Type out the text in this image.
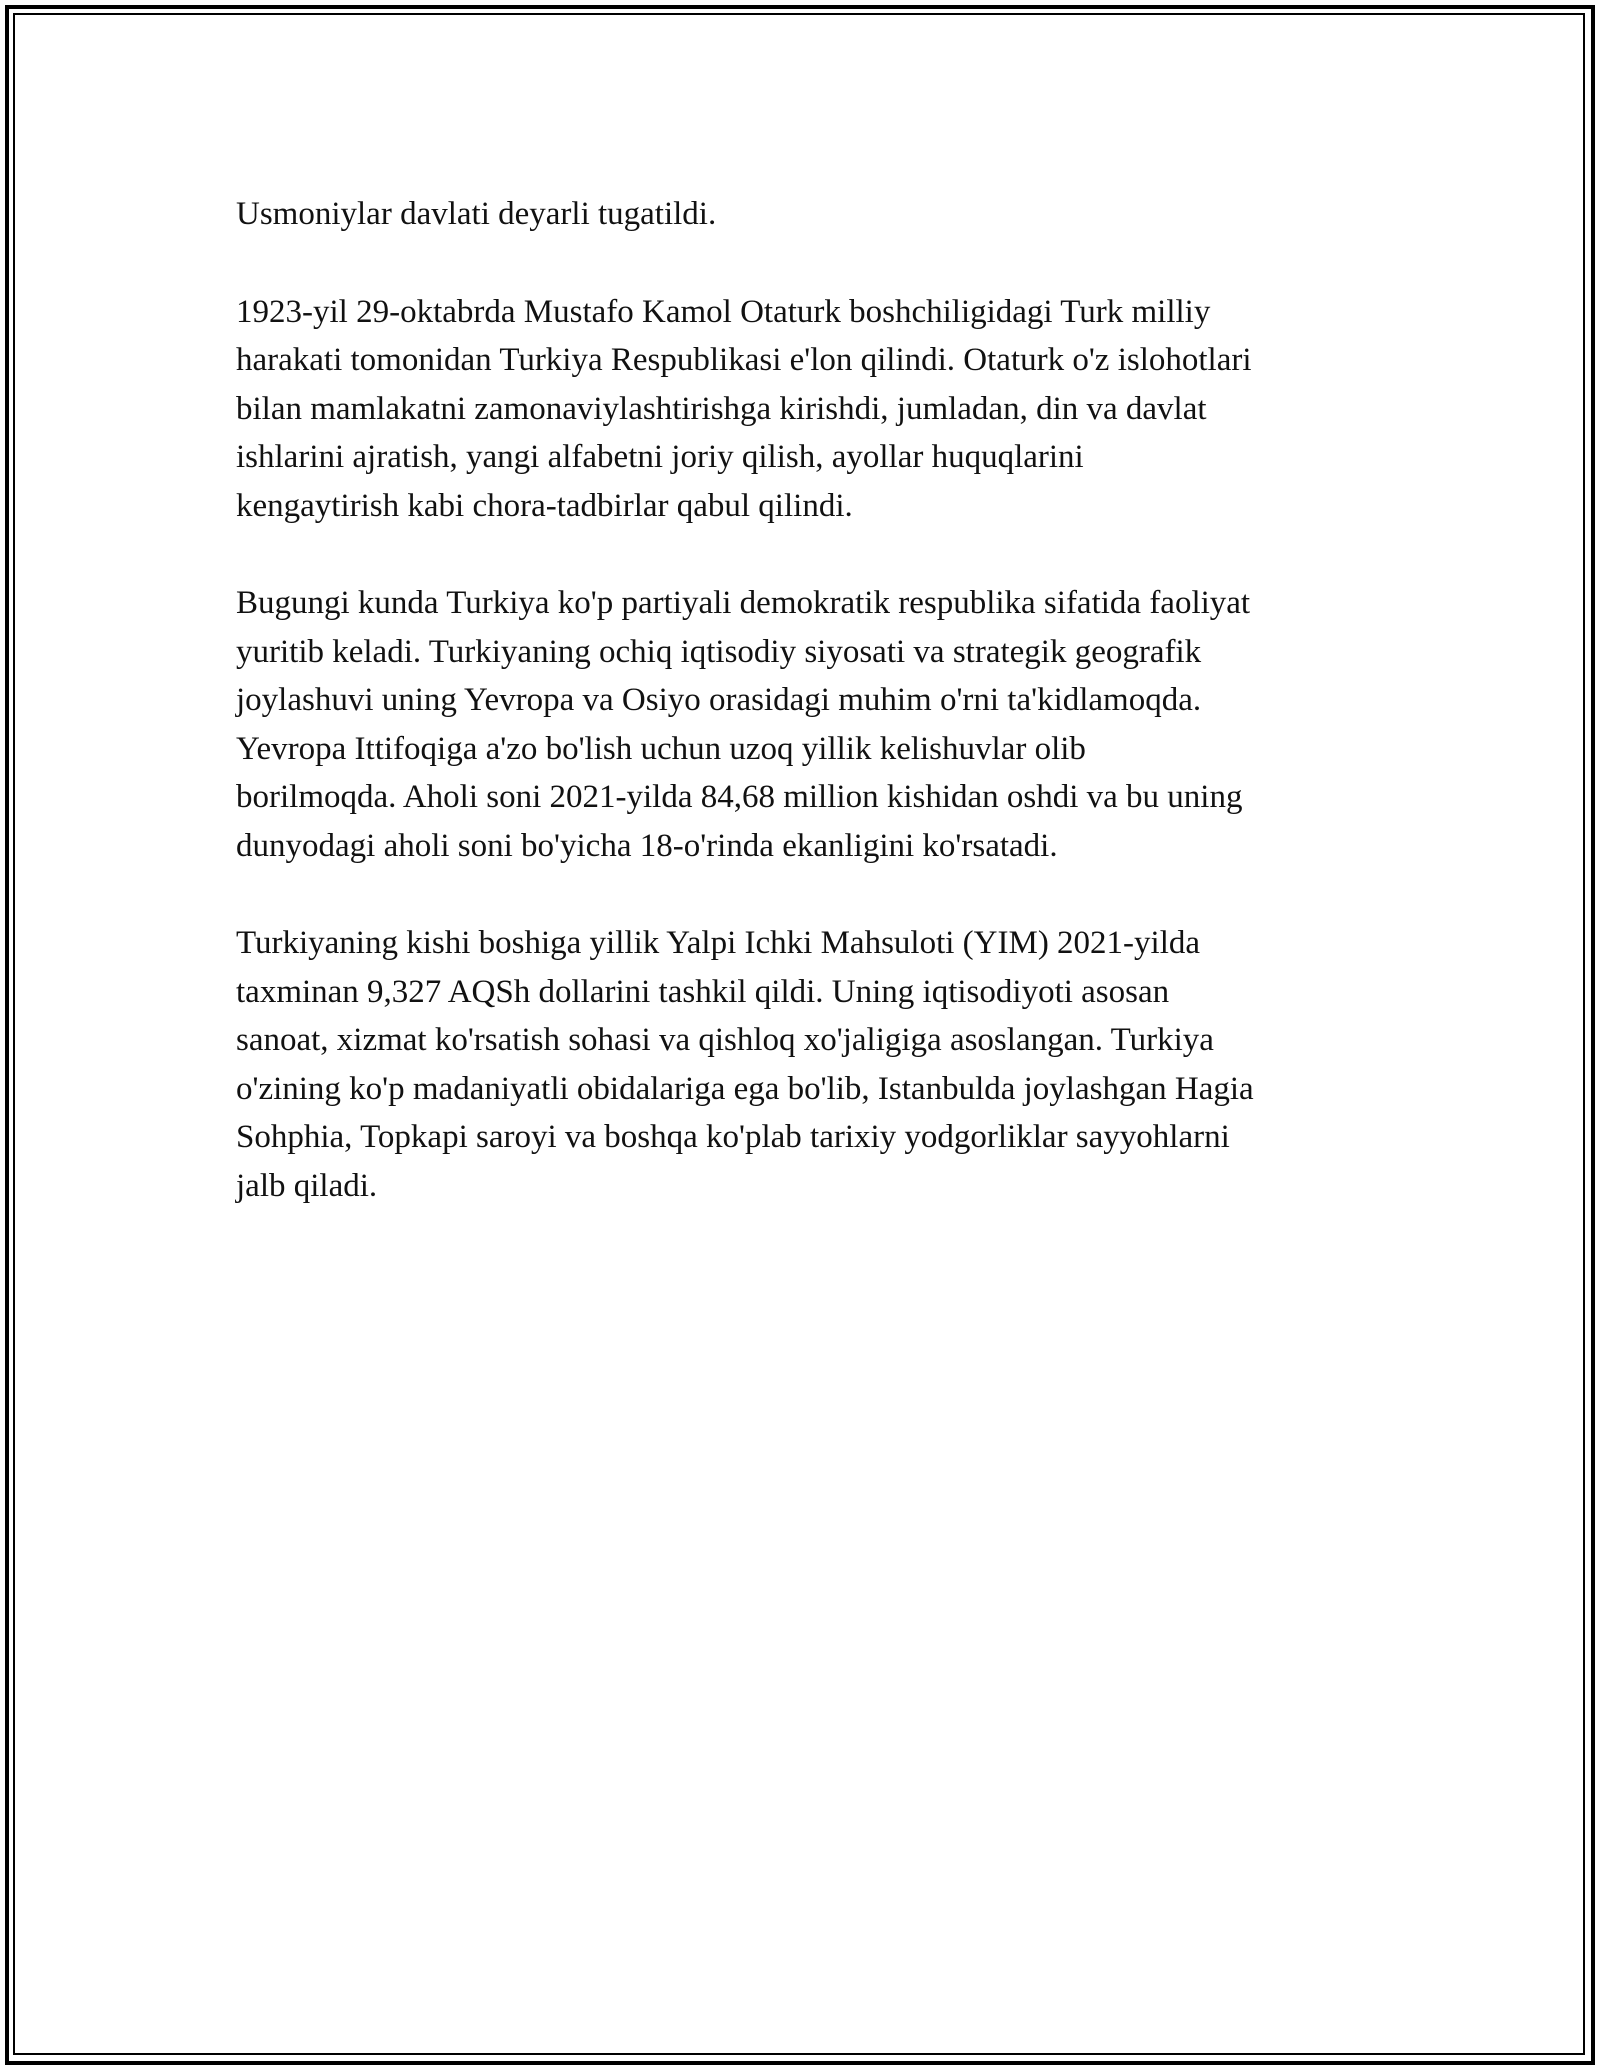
Usmoniylar davlati deyarli tugatildi.

1923-yil 29-oktabrda Mustafo Kamol Otaturk boshchiligidagi Turk milliy
harakati tomonidan Turkiya Respublikasi e'lon qilindi. Otaturk o'z islohotlari
bilan mamlakatni zamonaviylashtirishga kirishdi, jumladan, din va davlat
ishlarini ajratish, yangi alfabetni joriy qilish, ayollar huquqlarini
kengaytirish kabi chora-tadbirlar qabul qilindi.

Bugungi kunda Turkiya ko'p partiyali demokratik respublika sifatida faoliyat
yuritib keladi. Turkiyaning ochiq iqtisodiy siyosati va strategik geografik
joylashuvi uning Yevropa va Osiyo orasidagi muhim o'rni ta'kidlamoqda.
Yevropa Ittifoqiga a'zo bo'lish uchun uzoq yillik kelishuvlar olib
borilmoqda. Aholi soni 2021-yilda 84,68 million kishidan oshdi va bu uning
dunyodagi aholi soni bo'yicha 18-o'rinda ekanligini ko'rsatadi.

Turkiyaning kishi boshiga yillik Yalpi Ichki Mahsuloti (YIM) 2021-yilda
taxminan 9,327 AQSh dollarini tashkil qildi. Uning iqtisodiyoti asosan
sanoat, xizmat ko'rsatish sohasi va qishloq xo'jaligiga asoslangan. Turkiya
o'zining ko'p madaniyatli obidalariga ega bo'lib, Istanbulda joylashgan Hagia
Sohphia, Topkapi saroyi va boshqa ko'plab tarixiy yodgorliklar sayyohlarni
jalb qiladi.
